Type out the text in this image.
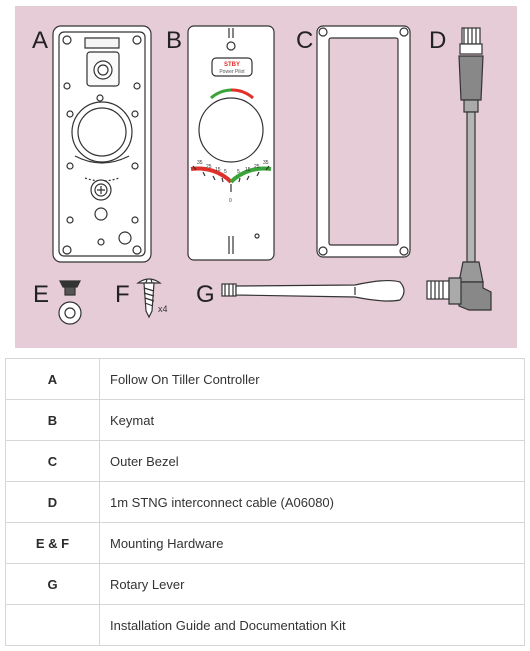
A	B	C	D
E	F	G
STBY
Power Pilot
35
25 15 5 5 15 25
35
0
x4
A	Follow On Tiller Controller
B	Keymat
C	Outer Bezel
D	1m STNG interconnect cable (A06080)
E & F	Mounting Hardware
G	Rotary Lever
	Installation Guide and Documentation Kit
